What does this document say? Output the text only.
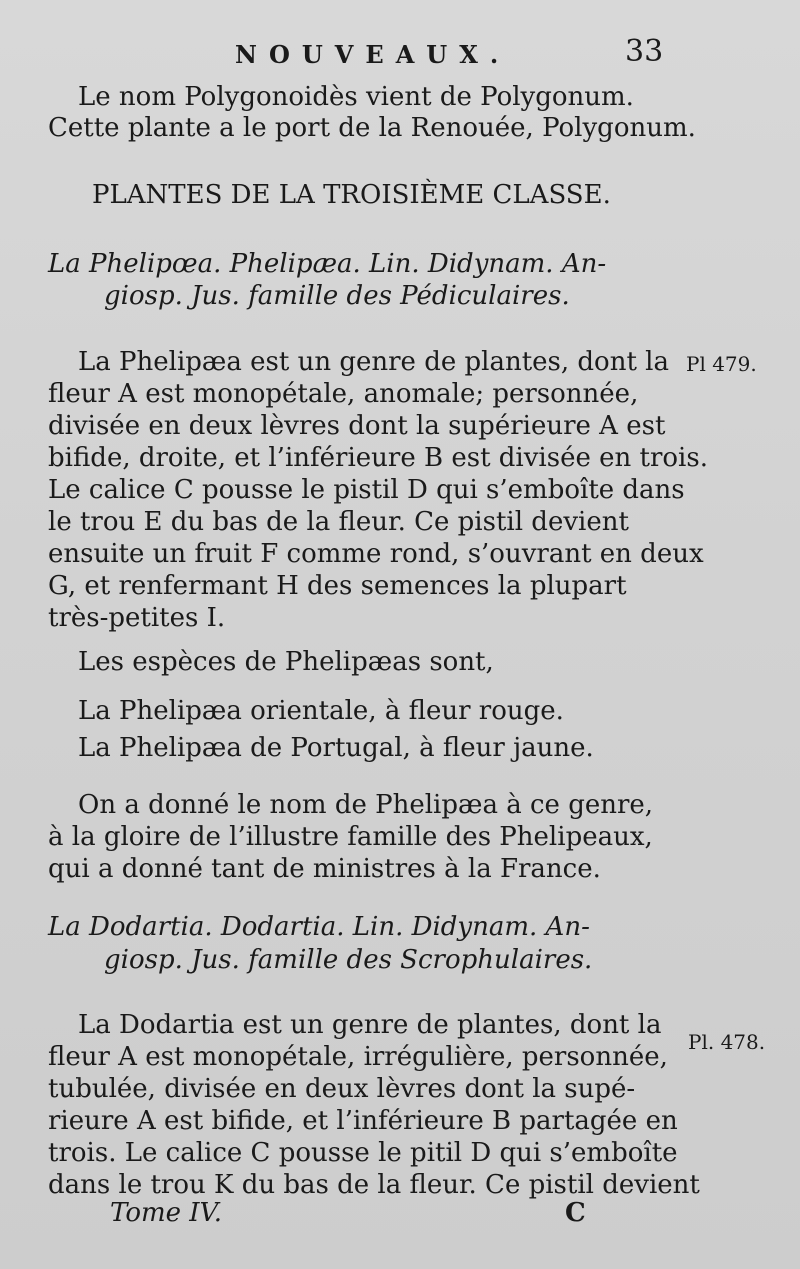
NOUVEAUX.	33
Le nom Polygonoidès vient de Polygonum.
Cette plante a le port de la Renouée, Polygonum.
PLANTES DE LA TROISIÈME CLASSE.
La Phelipœa. Phelipæa. Lin. Didynam. An-
giosp. Jus. famille des Pédiculaires.
La Phelipæa est un genre de plantes, dont la
fleur A est monopétale, anomale; personnée,
divisée en deux lèvres dont la supérieure A est
bifide, droite, et l’inférieure B est divisée en trois.
Le calice C pousse le pistil D qui s’emboîte dans
le trou E du bas de la fleur. Ce pistil devient
ensuite un fruit F comme rond, s’ouvrant en deux
G, et renfermant H des semences la plupart
très-petites I.
Les espèces de Phelipæas sont,
La Phelipæa orientale, à fleur rouge.
La Phelipæa de Portugal, à fleur jaune.
On a donné le nom de Phelipæa à ce genre,
à la gloire de l’illustre famille des Phelipeaux,
qui a donné tant de ministres à la France.
La Dodartia. Dodartia. Lin. Didynam. An-
giosp. Jus. famille des Scrophulaires.
La Dodartia est un genre de plantes, dont la
fleur A est monopétale, irrégulière, personnée,
tubulée, divisée en deux lèvres dont la supé-
rieure A est bifide, et l’inférieure B partagée en
trois. Le calice C pousse le pitil D qui s’emboîte
dans le trou K du bas de la fleur. Ce pistil devient
Pl 479.
Pl. 478.
Tome IV.	C
